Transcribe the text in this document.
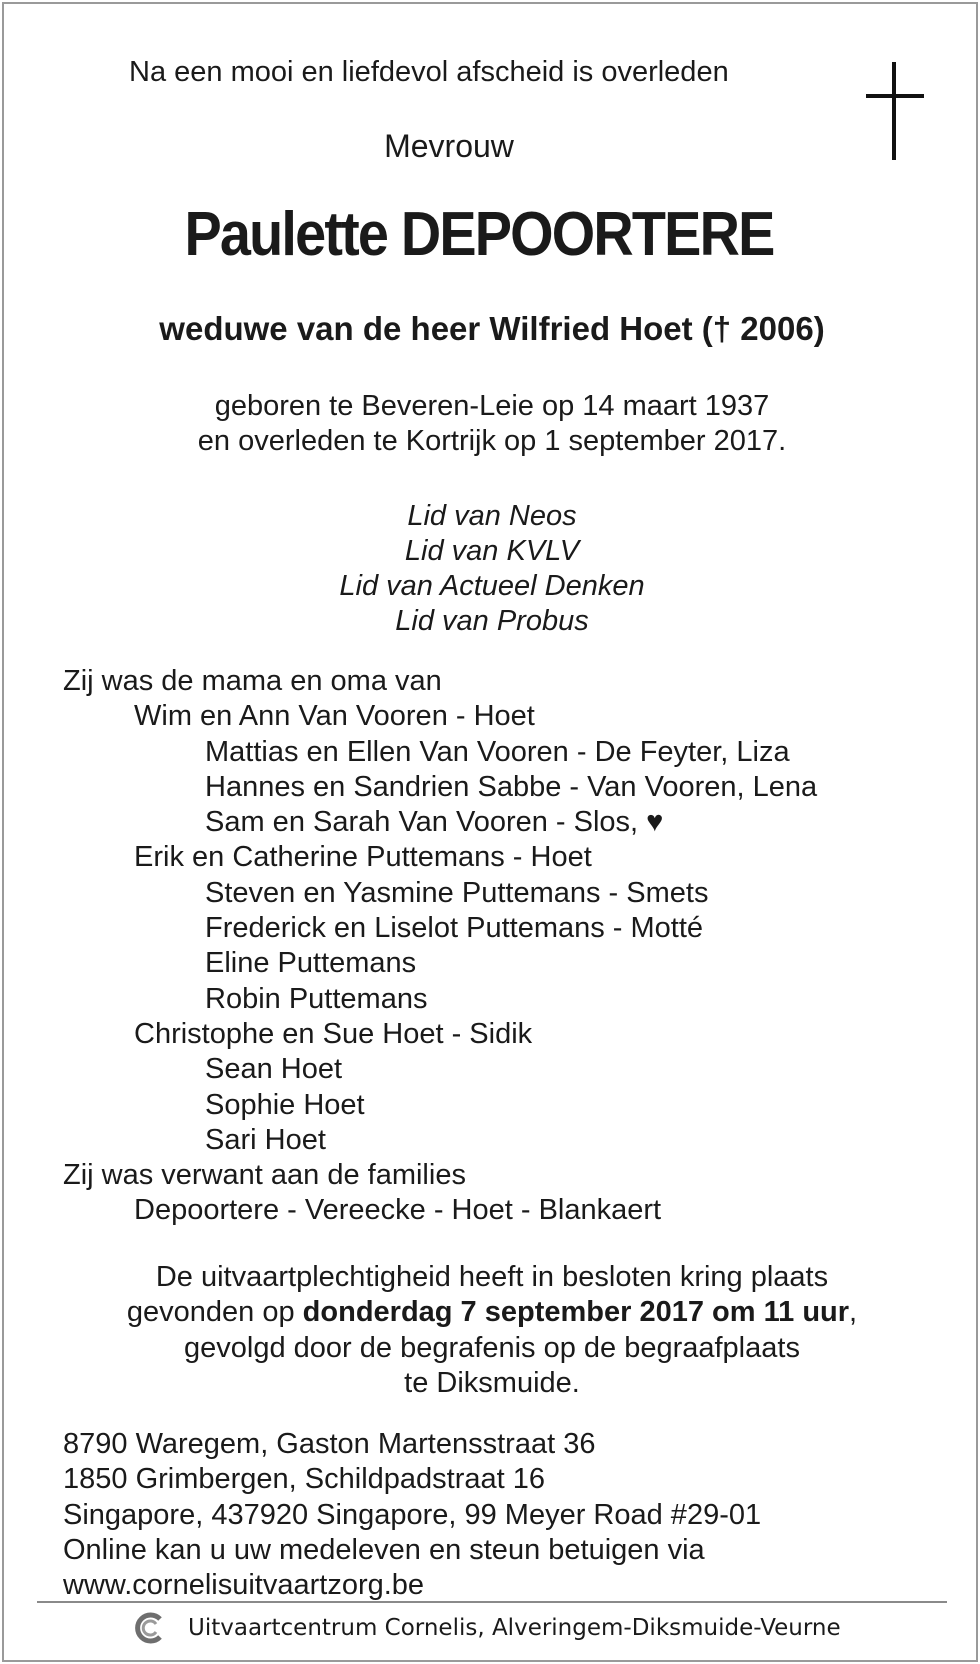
Na een mooi en liefdevol afscheid is overleden
Mevrouw
Paulette DEPOORTERE
weduwe van de heer Wilfried Hoet († 2006)
geboren te Beveren-Leie op 14 maart 1937
en overleden te Kortrijk op 1 september 2017.
Lid van Neos
Lid van KVLV
Lid van Actueel Denken
Lid van Probus
Zij was de mama en oma van
Wim en Ann Van Vooren - Hoet
Mattias en Ellen Van Vooren - De Feyter, Liza
Hannes en Sandrien Sabbe - Van Vooren, Lena
Sam en Sarah Van Vooren - Slos, ♥
Erik en Catherine Puttemans - Hoet
Steven en Yasmine Puttemans - Smets
Frederick en Liselot Puttemans - Motté
Eline Puttemans
Robin Puttemans
Christophe en Sue Hoet - Sidik
Sean Hoet
Sophie Hoet
Sari Hoet
Zij was verwant aan de families
Depoortere - Vereecke - Hoet - Blankaert
De uitvaartplechtigheid heeft in besloten kring plaats
gevonden op donderdag 7 september 2017 om 11 uur,
gevolgd door de begrafenis op de begraafplaats
te Diksmuide.
8790 Waregem, Gaston Martensstraat 36
1850 Grimbergen, Schildpadstraat 16
Singapore, 437920 Singapore, 99 Meyer Road #29-01
Online kan u uw medeleven en steun betuigen via
www.cornelisuitvaartzorg.be
Uitvaartcentrum Cornelis, Alveringem-Diksmuide-Veurne
